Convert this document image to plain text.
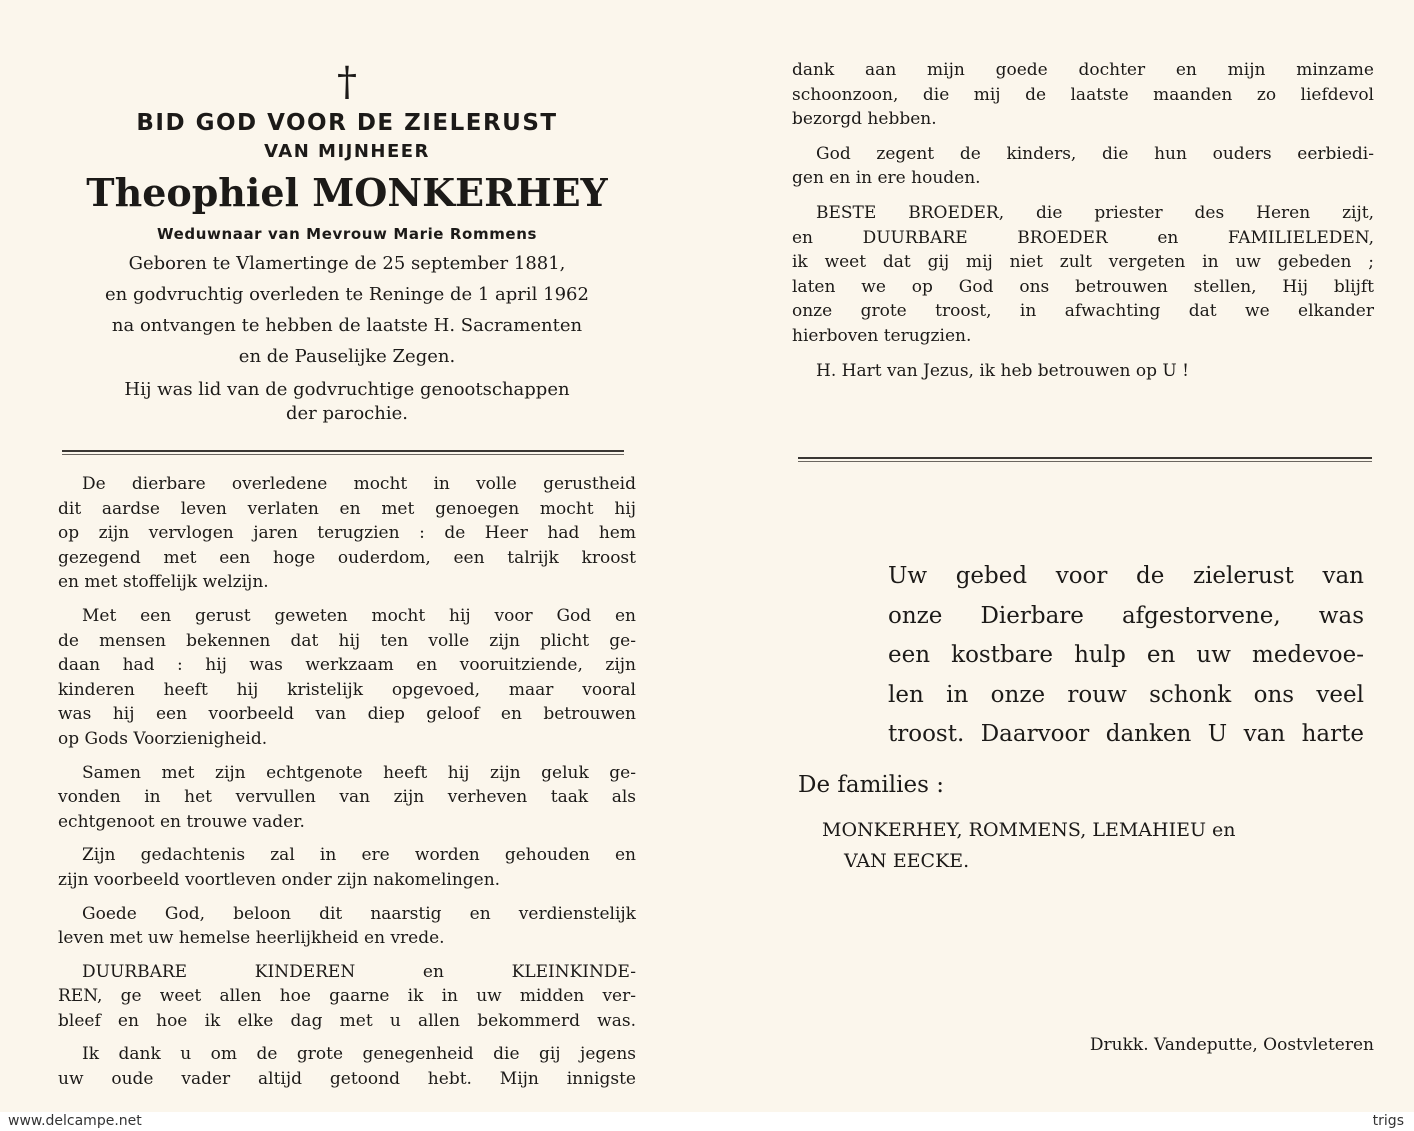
†
BID GOD VOOR DE ZIELERUST
VAN MIJNHEER
Theophiel MONKERHEY
Weduwnaar van Mevrouw Marie Rommens
Geboren te Vlamertinge de 25 september 1881,
en godvruchtig overleden te Reninge de 1 april 1962
na ontvangen te hebben de laatste H. Sacramenten
en de Pauselijke Zegen.
Hij was lid van de godvruchtige genootschappen
der parochie.
De dierbare overledene mocht in volle gerustheid
dit aardse leven verlaten en met genoegen mocht hij
op zijn vervlogen jaren terugzien : de Heer had hem
gezegend met een hoge ouderdom, een talrijk kroost
en met stoffelijk welzijn.
Met een gerust geweten mocht hij voor God en
de mensen bekennen dat hij ten volle zijn plicht ge-
daan had : hij was werkzaam en vooruitziende, zijn
kinderen heeft hij kristelijk opgevoed, maar vooral
was hij een voorbeeld van diep geloof en betrouwen
op Gods Voorzienigheid.
Samen met zijn echtgenote heeft hij zijn geluk ge-
vonden in het vervullen van zijn verheven taak als
echtgenoot en trouwe vader.
Zijn gedachtenis zal in ere worden gehouden en
zijn voorbeeld voortleven onder zijn nakomelingen.
Goede God, beloon dit naarstig en verdienstelijk
leven met uw hemelse heerlijkheid en vrede.
DUURBARE KINDEREN en KLEINKINDE-
REN, ge weet allen hoe gaarne ik in uw midden ver-
bleef en hoe ik elke dag met u allen bekommerd was.
Ik dank u om de grote genegenheid die gij jegens
uw oude vader altijd getoond hebt. Mijn innigste
dank aan mijn goede dochter en mijn minzame
schoonzoon, die mij de laatste maanden zo liefdevol
bezorgd hebben.
God zegent de kinders, die hun ouders eerbiedi-
gen en in ere houden.
BESTE BROEDER, die priester des Heren zijt,
en DUURBARE BROEDER en FAMILIELEDEN,
ik weet dat gij mij niet zult vergeten in uw gebeden ;
laten we op God ons betrouwen stellen, Hij blijft
onze grote troost, in afwachting dat we elkander
hierboven terugzien.
H. Hart van Jezus, ik heb betrouwen op U !
Uw gebed voor de zielerust van
onze Dierbare afgestorvene, was
een kostbare hulp en uw medevoe-
len in onze rouw schonk ons veel
troost. Daarvoor danken U van harte
De families :
MONKERHEY, ROMMENS, LEMAHIEU en
VAN EECKE.
Drukk. Vandeputte, Oostvleteren
www.delcampe.net	trigs
